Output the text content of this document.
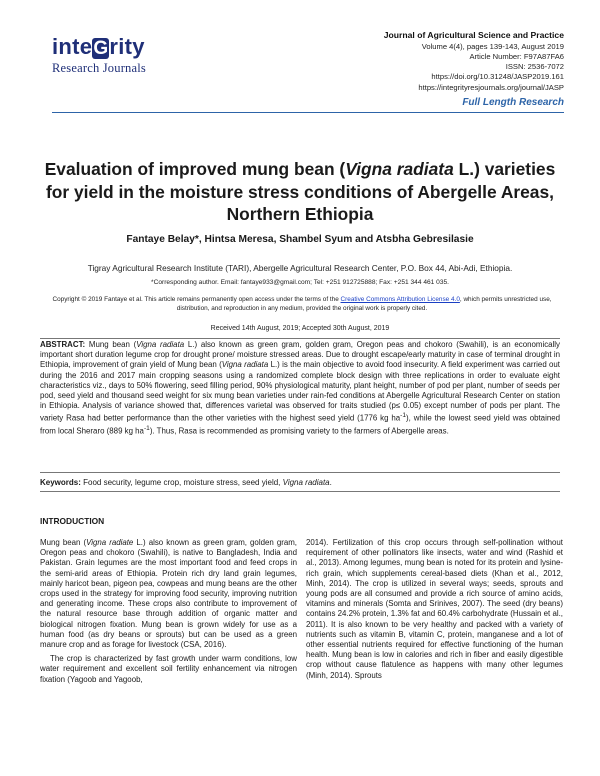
inteGrity
Research Journals
Journal of Agricultural Science and Practice
Volume 4(4), pages 139-143, August 2019
Article Number: F97A87FA6
ISSN: 2536-7072
https://doi.org/10.31248/JASP2019.161
https://integrityresjournals.org/journal/JASP
Full Length Research
Evaluation of improved mung bean (Vigna radiata L.) varieties for yield in the moisture stress conditions of Abergelle Areas, Northern Ethiopia
Fantaye Belay*, Hintsa Meresa, Shambel Syum and Atsbha Gebresilasie
Tigray Agricultural Research Institute (TARI), Abergelle Agricultural Research Center, P.O. Box 44, Abi-Adi, Ethiopia.
*Corresponding author. Email: fantaye933@gmail.com; Tel: +251 912725888; Fax: +251 344 461 035.
Copyright © 2019 Fantaye et al. This article remains permanently open access under the terms of the Creative Commons Attribution License 4.0, which permits unrestricted use, distribution, and reproduction in any medium, provided the original work is properly cited.
Received 14th August, 2019; Accepted 30th August, 2019
ABSTRACT: Mung bean (Vigna radiata L.) also known as green gram, golden gram, Oregon peas and chokoro (Swahili), is an economically important short duration legume crop for drought prone/ moisture stressed areas. Due to drought escape/early maturity in case of terminal drought in Ethiopia, improvement of grain yield of Mung bean (Vigna radiata L.) is the main objective to avoid food insecurity. A field experiment was carried out during the 2016 and 2017 main cropping seasons using a randomized complete block design with three replications in order to evaluate eight characteristics viz., days to 50% flowering, seed filling period, 90% physiological maturity, plant height, number of pod per plant, number of seeds per pod, seed yield and thousand seed weight for six mung bean varieties under rain-fed conditions at Abergelle Agricultural Research Center on station in Ethiopia. Analysis of variance showed that, differences varietal was observed for traits studied (p≤ 0.05) except number of pods per plant. The variety Rasa had better performance than the other varieties with the highest seed yield (1776 kg $ha^{-1}$), while the lowest seed yield was obtained from local Sheraro (889 kg $ha^{-1}$). Thus, Rasa is recommended as promising variety to the farmers of Abergelle areas.
Keywords: Food security, legume crop, moisture stress, seed yield, Vigna radiata.
INTRODUCTION

Mung bean (Vigna radiate L.) also known as green gram, golden gram, Oregon peas and chokoro (Swahili), is native to Bangladesh, India and Pakistan. Grain legumes are the most important food and feed crops in the semi-arid areas of Ethiopia. Protein rich dry land grain legumes, mainly haricot bean, pigeon pea, cowpeas and mung beans are the other crops used in the strategy for improving food security, improving nutrition and generating income. These crops also contribute to improvement of the natural resource base through addition of organic matter and biological nitrogen fixation. Mung bean is grown widely for use as a human food (as dry beans or sprouts) but can be used as a green manure crop and as forage for livestock (CSA, 2016).

The crop is characterized by fast growth under warm conditions, low water requirement and excellent soil fertility enhancement via nitrogen fixation (Yagoob and Yagoob,

2014). Fertilization of this crop occurs through self-pollination without requirement of other pollinators like insects, water and wind (Rashid et al., 2013). Among legumes, mung bean is noted for its protein and lysine-rich grain, which supplements cereal-based diets (Khan et al., 2012, Minh, 2014). The crop is utilized in several ways; seeds, sprouts and young pods are all consumed and provide a rich source of amino acids, vitamins and minerals (Somta and Srinives, 2007). The seed (dry beans) contains 24.2% protein, 1.3% fat and 60.4% carbohydrate (Hussain et al., 2011). It is also known to be very healthy and packed with a variety of nutrients such as vitamin B, vitamin C, protein, manganese and a lot of other essential nutrients required for effective functioning of the human health. Mung bean is low in calories and rich in fiber and easily digestible crop without cause flatulence as happens with many other legumes (Minh, 2014). Sprouts
